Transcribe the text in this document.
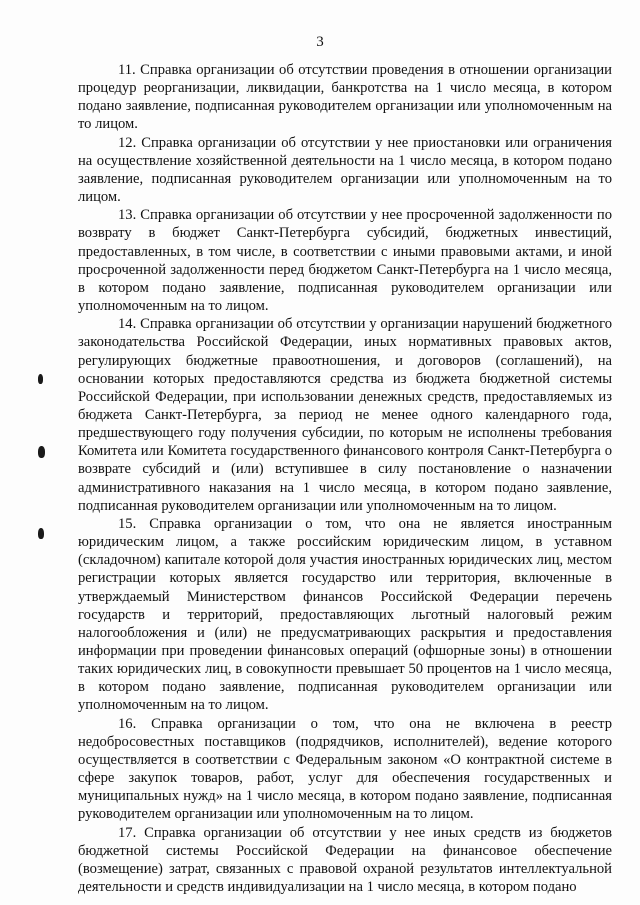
3

11. Справка организации об отсутствии проведения в отношении организации процедур реорганизации, ликвидации, банкротства на 1 число месяца, в котором подано заявление, подписанная руководителем организации или уполномоченным на то лицом.

12. Справка организации об отсутствии у нее приостановки или ограничения на осуществление хозяйственной деятельности на 1 число месяца, в котором подано заявление, подписанная руководителем организации или уполномоченным на то лицом.

13. Справка организации об отсутствии у нее просроченной задолженности по возврату в бюджет Санкт-Петербурга субсидий, бюджетных инвестиций, предоставленных, в том числе, в соответствии с иными правовыми актами, и иной просроченной задолженности перед бюджетом Санкт-Петербурга на 1 число месяца, в котором подано заявление, подписанная руководителем организации или уполномоченным на то лицом.

14. Справка организации об отсутствии у организации нарушений бюджетного законодательства Российской Федерации, иных нормативных правовых актов, регулирующих бюджетные правоотношения, и договоров (соглашений), на основании которых предоставляются средства из бюджета бюджетной системы Российской Федерации, при использовании денежных средств, предоставляемых из бюджета Санкт-Петербурга, за период не менее одного календарного года, предшествующего году получения субсидии, по которым не исполнены требования Комитета или Комитета государственного финансового контроля Санкт-Петербурга о возврате субсидий и (или) вступившее в силу постановление о назначении административного наказания на 1 число месяца, в котором подано заявление, подписанная руководителем организации или уполномоченным на то лицом.

15. Справка организации о том, что она не является иностранным юридическим лицом, а также российским юридическим лицом, в уставном (складочном) капитале которой доля участия иностранных юридических лиц, местом регистрации которых является государство или территория, включенные в утверждаемый Министерством финансов Российской Федерации перечень государств и территорий, предоставляющих льготный налоговый режим налогообложения и (или) не предусматривающих раскрытия и предоставления информации при проведении финансовых операций (офшорные зоны) в отношении таких юридических лиц, в совокупности превышает 50 процентов на 1 число месяца, в котором подано заявление, подписанная руководителем организации или уполномоченным на то лицом.

16. Справка организации о том, что она не включена в реестр недобросовестных поставщиков (подрядчиков, исполнителей), ведение которого осуществляется в соответствии с Федеральным законом «О контрактной системе в сфере закупок товаров, работ, услуг для обеспечения государственных и муниципальных нужд» на 1 число месяца, в котором подано заявление, подписанная руководителем организации или уполномоченным на то лицом.

17. Справка организации об отсутствии у нее иных средств из бюджетов бюджетной системы Российской Федерации на финансовое обеспечение (возмещение) затрат, связанных с правовой охраной результатов интеллектуальной деятельности и средств индивидуализации на 1 число месяца, в котором подано
